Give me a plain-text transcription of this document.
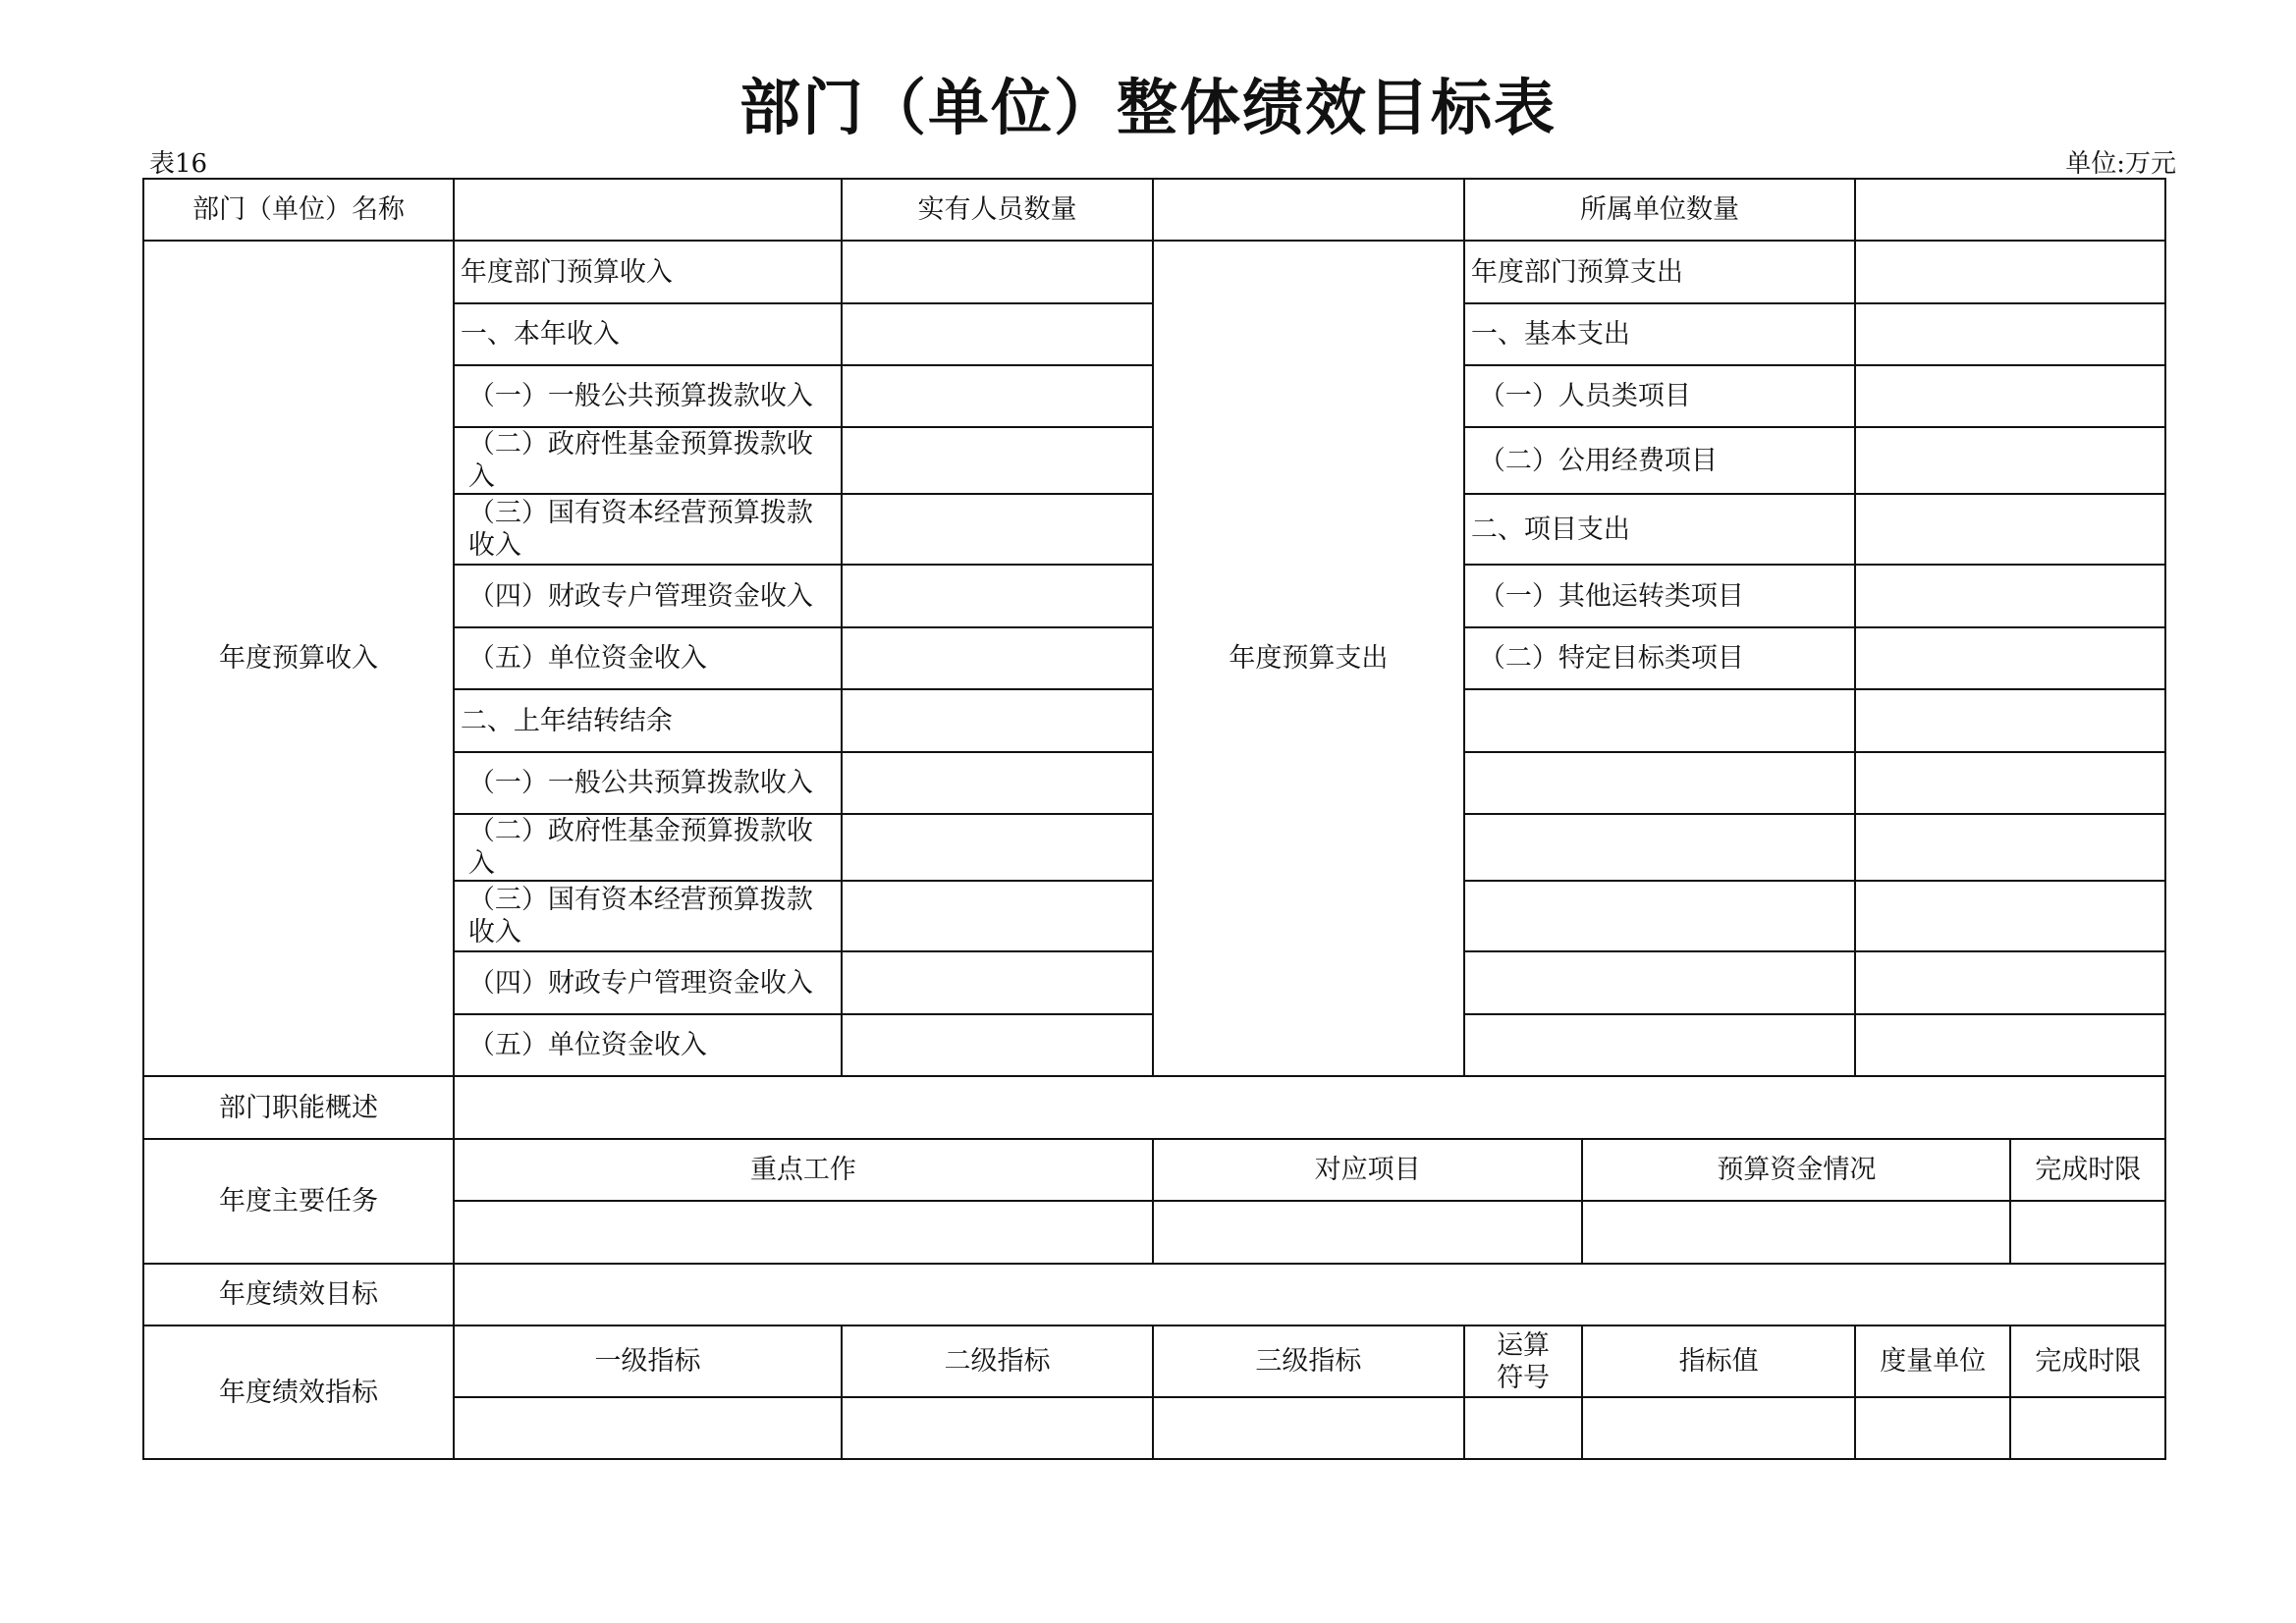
部门（单位）整体绩效目标表
表16	单位:万元
部门（单位）名称		实有人员数量		所属单位数量			
年度预算收入	年度部门预算收入		年度预算支出	年度部门预算支出			
	一、本年收入			一、基本支出			
	（一）一般公共预算拨款收入			（一）人员类项目			
	（二）政府性基金预算拨款收入			（二）公用经费项目			
	（三）国有资本经营预算拨款收入			二、项目支出			
	（四）财政专户管理资金收入			（一）其他运转类项目			
	（五）单位资金收入			（二）特定目标类项目			
	二、上年结转结余						
	（一）一般公共预算拨款收入						
	（二）政府性基金预算拨款收入						
	（三）国有资本经营预算拨款收入						
	（四）财政专户管理资金收入						
	（五）单位资金收入						
部门职能概述							
年度主要任务	重点工作		对应项目		预算资金情况		完成时限

年度绩效目标							
年度绩效指标	一级指标	二级指标	三级指标	运算符号	指标值	度量单位	完成时限
